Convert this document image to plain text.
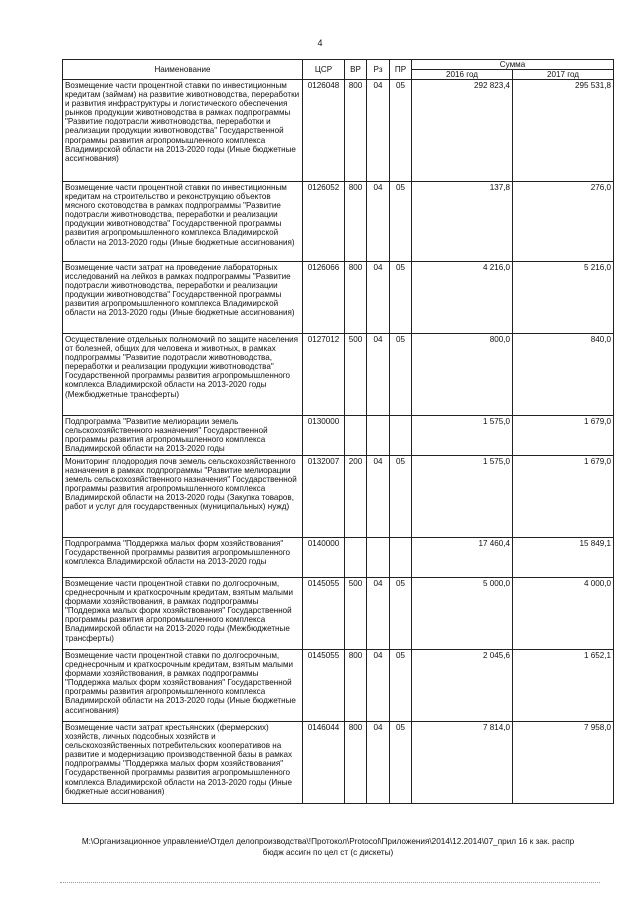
4
Наименование	ЦСР	ВР	Рз	ПР	Сумма	
					2016 год	2017 год
Возмещение части процентной ставки по инвестиционным кредитам (займам) на развитие животноводства, переработки и развития инфраструктуры и логистического обеспечения рынков продукции животноводства в рамках подпрограммы "Развитие подотрасли животноводства, переработки и реализации продукции животноводства" Государственной программы развития агропромышленного комплекса Владимирской области на 2013-2020 годы (Иные бюджетные ассигнования)	0126048	800	04	05	292 823,4	295 531,8
Возмещение части процентной ставки по инвестиционным кредитам на строительство и реконструкцию объектов мясного скотоводства в рамках подпрограммы "Развитие подотрасли животноводства, переработки и реализации продукции животноводства" Государственной программы развития агропромышленного комплекса Владимирской области на 2013-2020 годы (Иные бюджетные ассигнования)	0126052	800	04	05	137,8	276,0
Возмещение части затрат на проведение лабораторных исследований на лейкоз в рамках подпрограммы "Развитие подотрасли животноводства, переработки и реализации продукции животноводства" Государственной программы развития агропромышленного комплекса Владимирской области на 2013-2020 годы (Иные бюджетные ассигнования)	0126066	800	04	05	4 216,0	5 216,0
Осуществление отдельных полномочий по защите населения от болезней, общих для человека и животных, в рамках подпрограммы "Развитие подотрасли животноводства, переработки и реализации продукции животноводства" Государственной программы развития агропромышленного комплекса Владимирской области на 2013-2020 годы (Межбюджетные трансферты)	0127012	500	04	05	800,0	840,0
Подпрограмма "Развитие мелиорации земель сельскохозяйственного назначения" Государственной программы развития агропромышленного комплекса Владимирской области на 2013-2020 годы	0130000				1 575,0	1 679,0
Мониторинг плодородия почв земель сельскохозяйственного назначения в рамках подпрограммы "Развитие мелиорации земель сельскохозяйственного назначения" Государственной программы развития агропромышленного комплекса Владимирской области на 2013-2020 годы (Закупка товаров, работ и услуг для государственных (муниципальных) нужд)	0132007	200	04	05	1 575,0	1 679,0
Подпрограмма "Поддержка малых форм хозяйствования" Государственной программы развития агропромышленного комплекса Владимирской области на 2013-2020 годы	0140000				17 460,4	15 849,1
Возмещение части процентной ставки по долгосрочным, среднесрочным и краткосрочным кредитам, взятым малыми формами хозяйствования, в рамках подпрограммы "Поддержка малых форм хозяйствования" Государственной программы развития агропромышленного комплекса Владимирской области на 2013-2020 годы (Межбюджетные трансферты)	0145055	500	04	05	5 000,0	4 000,0
Возмещение части процентной ставки по долгосрочным, среднесрочным и краткосрочным кредитам, взятым малыми формами хозяйствования, в рамках подпрограммы "Поддержка малых форм хозяйствования" Государственной программы развития агропромышленного комплекса Владимирской области на 2013-2020 годы (Иные бюджетные ассигнования)	0145055	800	04	05	2 045,6	1 652,1
Возмещение части затрат крестьянских (фермерских) хозяйств, личных подсобных хозяйств и сельскохозяйственных потребительских кооперативов на развитие и модернизацию производственной базы в рамках подпрограммы "Поддержка малых форм хозяйствования" Государственной программы развития агропромышленного комплекса Владимирской области на 2013-2020 годы (Иные бюджетные ассигнования)	0146044	800	04	05	7 814,0	7 958,0
M:\Организационное управление\Отдел делопроизводства\!Протокол\Protocol\Приложения\2014\12.2014\07_прил 16 к зак. распр
бюдж ассигн по цел ст (с дискеты)
